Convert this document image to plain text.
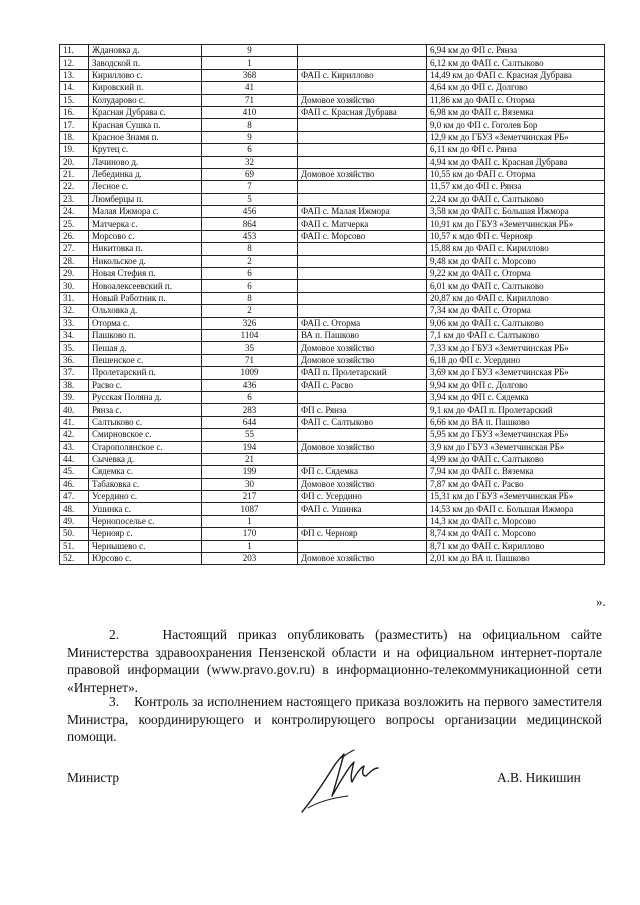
11.	Ждановка д.	9		6,94 км до ФП с. Рянза
12.	Заводской п.	1		6,12 км до ФАП с. Салтыково
13.	Кириллово с.	368	ФАП с. Кириллово	14,49 км до ФАП с. Красная Дубрава
14.	Кировский п.	41		4,64 км до ФП с. Долгово
15.	Колударово с.	71	Домовое хозяйство	11,86 км до ФАП с. Оторма
16.	Красная Дубрава с.	410	ФАП с. Красная Дубрава	6,98 км до ФАП с. Вяземка
17.	Красная Сушка п.	8		9,0 км до ФП с. Гоголев Бор
18.	Красное Знамя п.	9		12,9 км до ГБУЗ «Земетчинская РБ»
19.	Крутец с.	6		6,11 км до ФП с. Рянза
20.	Лачиново д.	32		4,94 км до ФАП с. Красная Дубрава
21.	Лебединка д.	69	Домовое хозяйство	10,55 км до ФАП с. Оторма
22.	Лесное с.	7		11,57 км до ФП с. Рянза
23.	Люмберцы п.	5		2,24 км до ФАП с. Салтыково
24.	Малая Ижмора с.	456	ФАП с. Малая Ижмора	3,58 км до ФАП с. Большая Ижмора
25.	Матчерка с.	864	ФАП с. Матчерка	10,91 км до ГБУЗ «Земетчинская РБ»
26.	Морсово с.	453	ФАП с. Морсово	10,57 к мдо ФП с. Чернояр
27.	Никитовка п.	8		15,88 км до ФАП с. Кириллово
28.	Никольское д.	2		9,48 км до ФАП с. Морсово
29.	Новая Стефия п.	6		9,22 км до ФАП с. Оторма
30.	Новоалексеевский п.	6		6,01 км до ФАП с. Салтыково
31.	Новый Работник п.	8		20,87 км до ФАП с. Кириллово
32.	Ольховка д.	2		7,34 км до ФАП с. Оторма
33.	Оторма с.	326	ФАП с. Оторма	9,06 км до ФАП с. Салтыково
34.	Пашково п.	1104	ВА п. Пашково	7,1 км до ФАП с. Салтыково
35.	Пешая д.	35	Домовое хозяйство	7,33 км до ГБУЗ «Земетчинская РБ»
36.	Пешенское с.	71	Домовое хозяйство	6,18 до ФП с. Усердино
37.	Пролетарский п.	1009	ФАП п. Пролетарский	3,69 км до ГБУЗ «Земетчинская РБ»
38.	Расво с.	436	ФАП с. Расво	9,94 км до ФП с. Долгово
39.	Русская Поляна д.	6		3,94 км до ФП с. Сядемка
40.	Рянза с.	283	ФП с. Рянза	9,1 км до ФАП п. Пролетарский
41.	Салтыково с.	644	ФАП с. Салтыково	6,66 км до ВА п. Пашково
42.	Смирновское с.	55		5,95 км до ГБУЗ «Земетчинская РБ»
43.	Старополянское с.	194	Домовое хозяйство	3,9 км до ГБУЗ «Земетчинская РБ»
44.	Сычевка д.	21		4,99 км до ФАП с. Салтыково
45.	Сядемка с.	199	ФП с. Сядемка	7,94 км до ФАП с. Вяземка
46.	Табаковка с.	30	Домовое хозяйство	7,87 км до ФАП с. Расво
47.	Усердино с.	217	ФП с. Усердино	15,31 км до ГБУЗ «Земетчинская РБ»
48.	Ушинка с.	1087	ФАП с. Ушинка	14,53 км до ФАП с. Большая Ижмора
49.	Чернопоселье с.	1		14,3 км до ФАП с. Морсово
50.	Чернояр с.	170	ФП с. Чернояр	8,74 км до ФАП с. Морсово
51.	Чернышево с.	1		8,71 км до ФАП с. Кириллово
52.	Юрсово с.	203	Домовое хозяйство	2,01 км до ВА п. Пашково
».
2.	Настоящий приказ опубликовать (разместить) на официальном сайте Министерства здравоохранения Пензенской области и на официальном интернет-портале правовой информации (www.pravo.gov.ru) в информационно-телекоммуникационной сети «Интернет».
3. Контроль за исполнением настоящего приказа возложить на первого заместителя Министра, координирующего и контролирующего вопросы организации медицинской помощи.
Министр	А.В. Никишин
